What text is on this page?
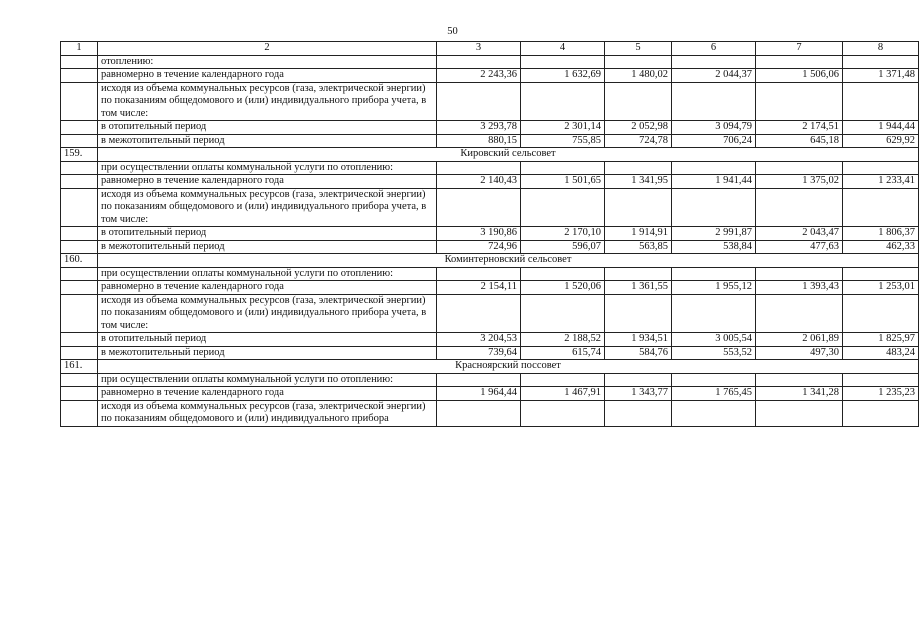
50
1	2	3	4	5	6	7	8
	отоплению:						
	равномерно в течение календарного года	2 243,36	1 632,69	1 480,02	2 044,37	1 506,06	1 371,48
	исходя из объема коммунальных ресурсов (газа, электрической энергии) по показаниям общедомового и (или) индивидуального прибора учета, в том числе:						
	в отопительный период	3 293,78	2 301,14	2 052,98	3 094,79	2 174,51	1 944,44
	в межотопительный период	880,15	755,85	724,78	706,24	645,18	629,92
159.	Кировский сельсовет						
	при осуществлении оплаты коммунальной услуги по отоплению:						
	равномерно в течение календарного года	2 140,43	1 501,65	1 341,95	1 941,44	1 375,02	1 233,41
	исходя из объема коммунальных ресурсов (газа, электрической энергии) по показаниям общедомового и (или) индивидуального прибора учета, в том числе:						
	в отопительный период	3 190,86	2 170,10	1 914,91	2 991,87	2 043,47	1 806,37
	в межотопительный период	724,96	596,07	563,85	538,84	477,63	462,33
160.	Коминтерновский сельсовет						
	при осуществлении оплаты коммунальной услуги по отоплению:						
	равномерно в течение календарного года	2 154,11	1 520,06	1 361,55	1 955,12	1 393,43	1 253,01
	исходя из объема коммунальных ресурсов (газа, электрической энергии) по показаниям общедомового и (или) индивидуального прибора учета, в том числе:						
	в отопительный период	3 204,53	2 188,52	1 934,51	3 005,54	2 061,89	1 825,97
	в межотопительный период	739,64	615,74	584,76	553,52	497,30	483,24
161.	Красноярский поссовет						
	при осуществлении оплаты коммунальной услуги по отоплению:						
	равномерно в течение календарного года	1 964,44	1 467,91	1 343,77	1 765,45	1 341,28	1 235,23
	исходя из объема коммунальных ресурсов (газа, электрической энергии) по показаниям общедомового и (или) индивидуального прибора						
